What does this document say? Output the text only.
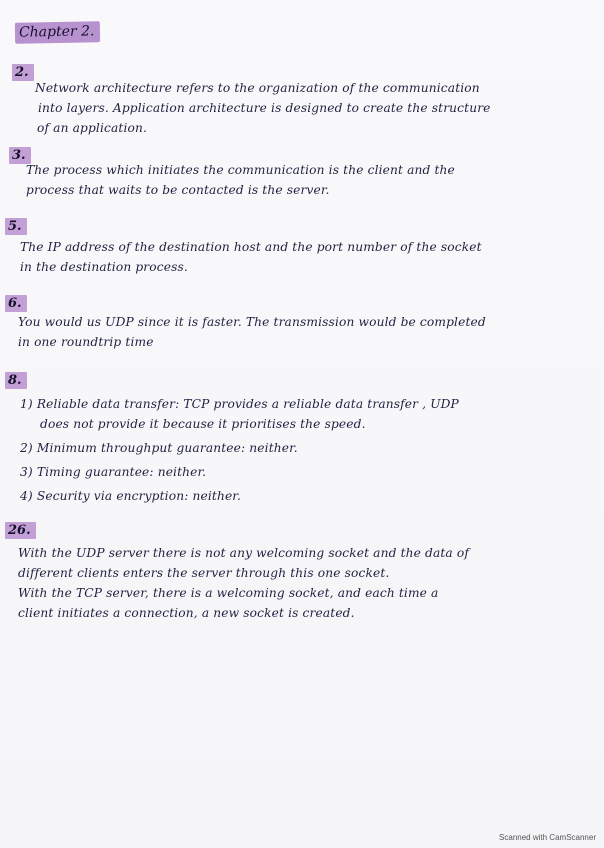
Chapter 2.
2.
Network architecture refers to the organization of the communication
into layers. Application architecture is designed to create the structure
of an application.
3.
The process which initiates the communication is the client and the
process that waits to be contacted is the server.
5.
The IP address of the destination host and the port number of the socket
in the destination process.
6.
You would us UDP since it is faster. The transmission would be completed
in one roundtrip time
8.
1) Reliable data transfer: TCP provides a reliable data transfer , UDP
does not provide it because it prioritises the speed.
2) Minimum throughput guarantee: neither.
3) Timing guarantee: neither.
4) Security via encryption: neither.
26.
With the UDP server there is not any welcoming socket and the data of
different clients enters the server through this one socket.
With the TCP server, there is a welcoming socket, and each time a
client initiates a connection, a new socket is created.
Scanned with CamScanner
